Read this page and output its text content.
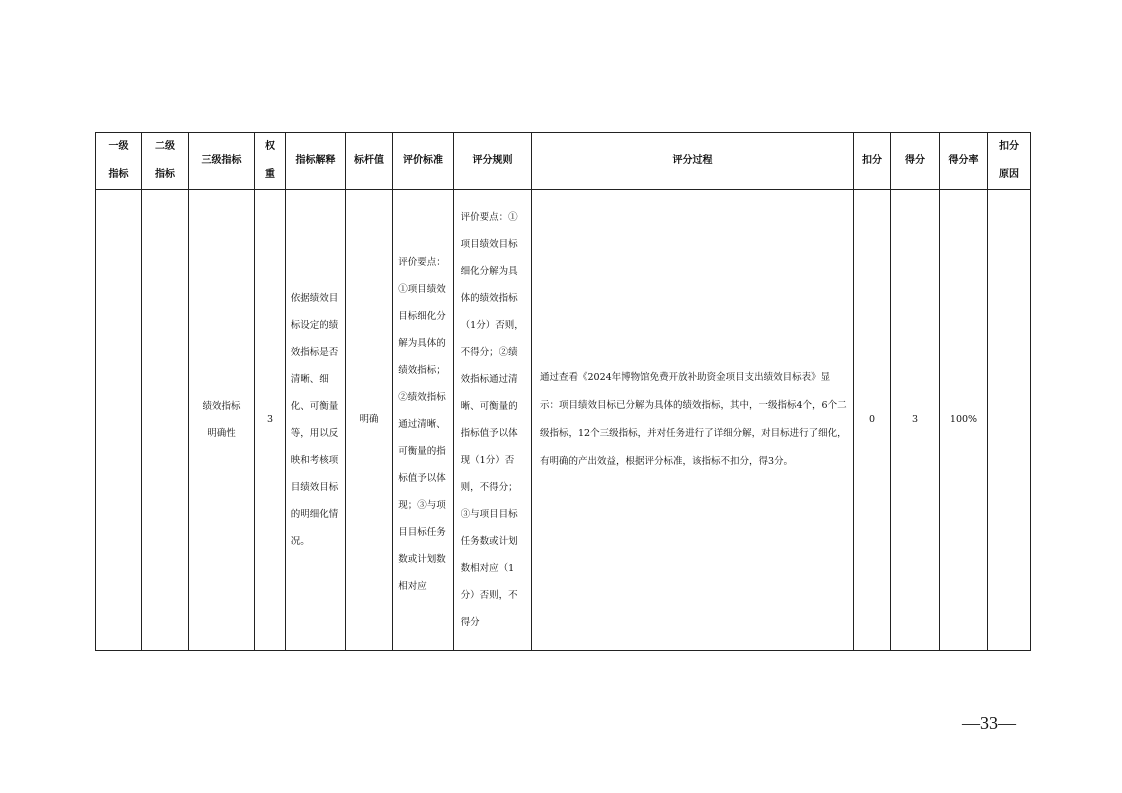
一级指标	二级指标	三级指标	权重	指标解释	标杆值	评价标准	评分规则	评分过程	扣分	得分	得分率	扣分原因

		绩效指标明确性	3	依据绩效目标设定的绩效指标是否清晰、细化、可衡量等，用以反映和考核项目绩效目标的明细化情况。	明确	评价要点：①项目绩效目标细化分解为具体的绩效指标；②绩效指标通过清晰、可衡量的指标值予以体现；③与项目目标任务数或计划数相对应	评价要点：①项目绩效目标细化分解为具体的绩效指标（1分）否则，不得分；②绩效指标通过清晰、可衡量的指标值予以体现（1分）否则，不得分；③与项目目标任务数或计划数相对应（1分）否则，不得分	通过查看《2024年博物馆免费开放补助资金项目支出绩效目标表》显示：项目绩效目标已分解为具体的绩效指标，其中，一级指标4个，6个二级指标，12个三级指标，并对任务进行了详细分解，对目标进行了细化，有明确的产出效益，根据评分标准，该指标不扣分，得3分。	0	3	100%	

—33—
